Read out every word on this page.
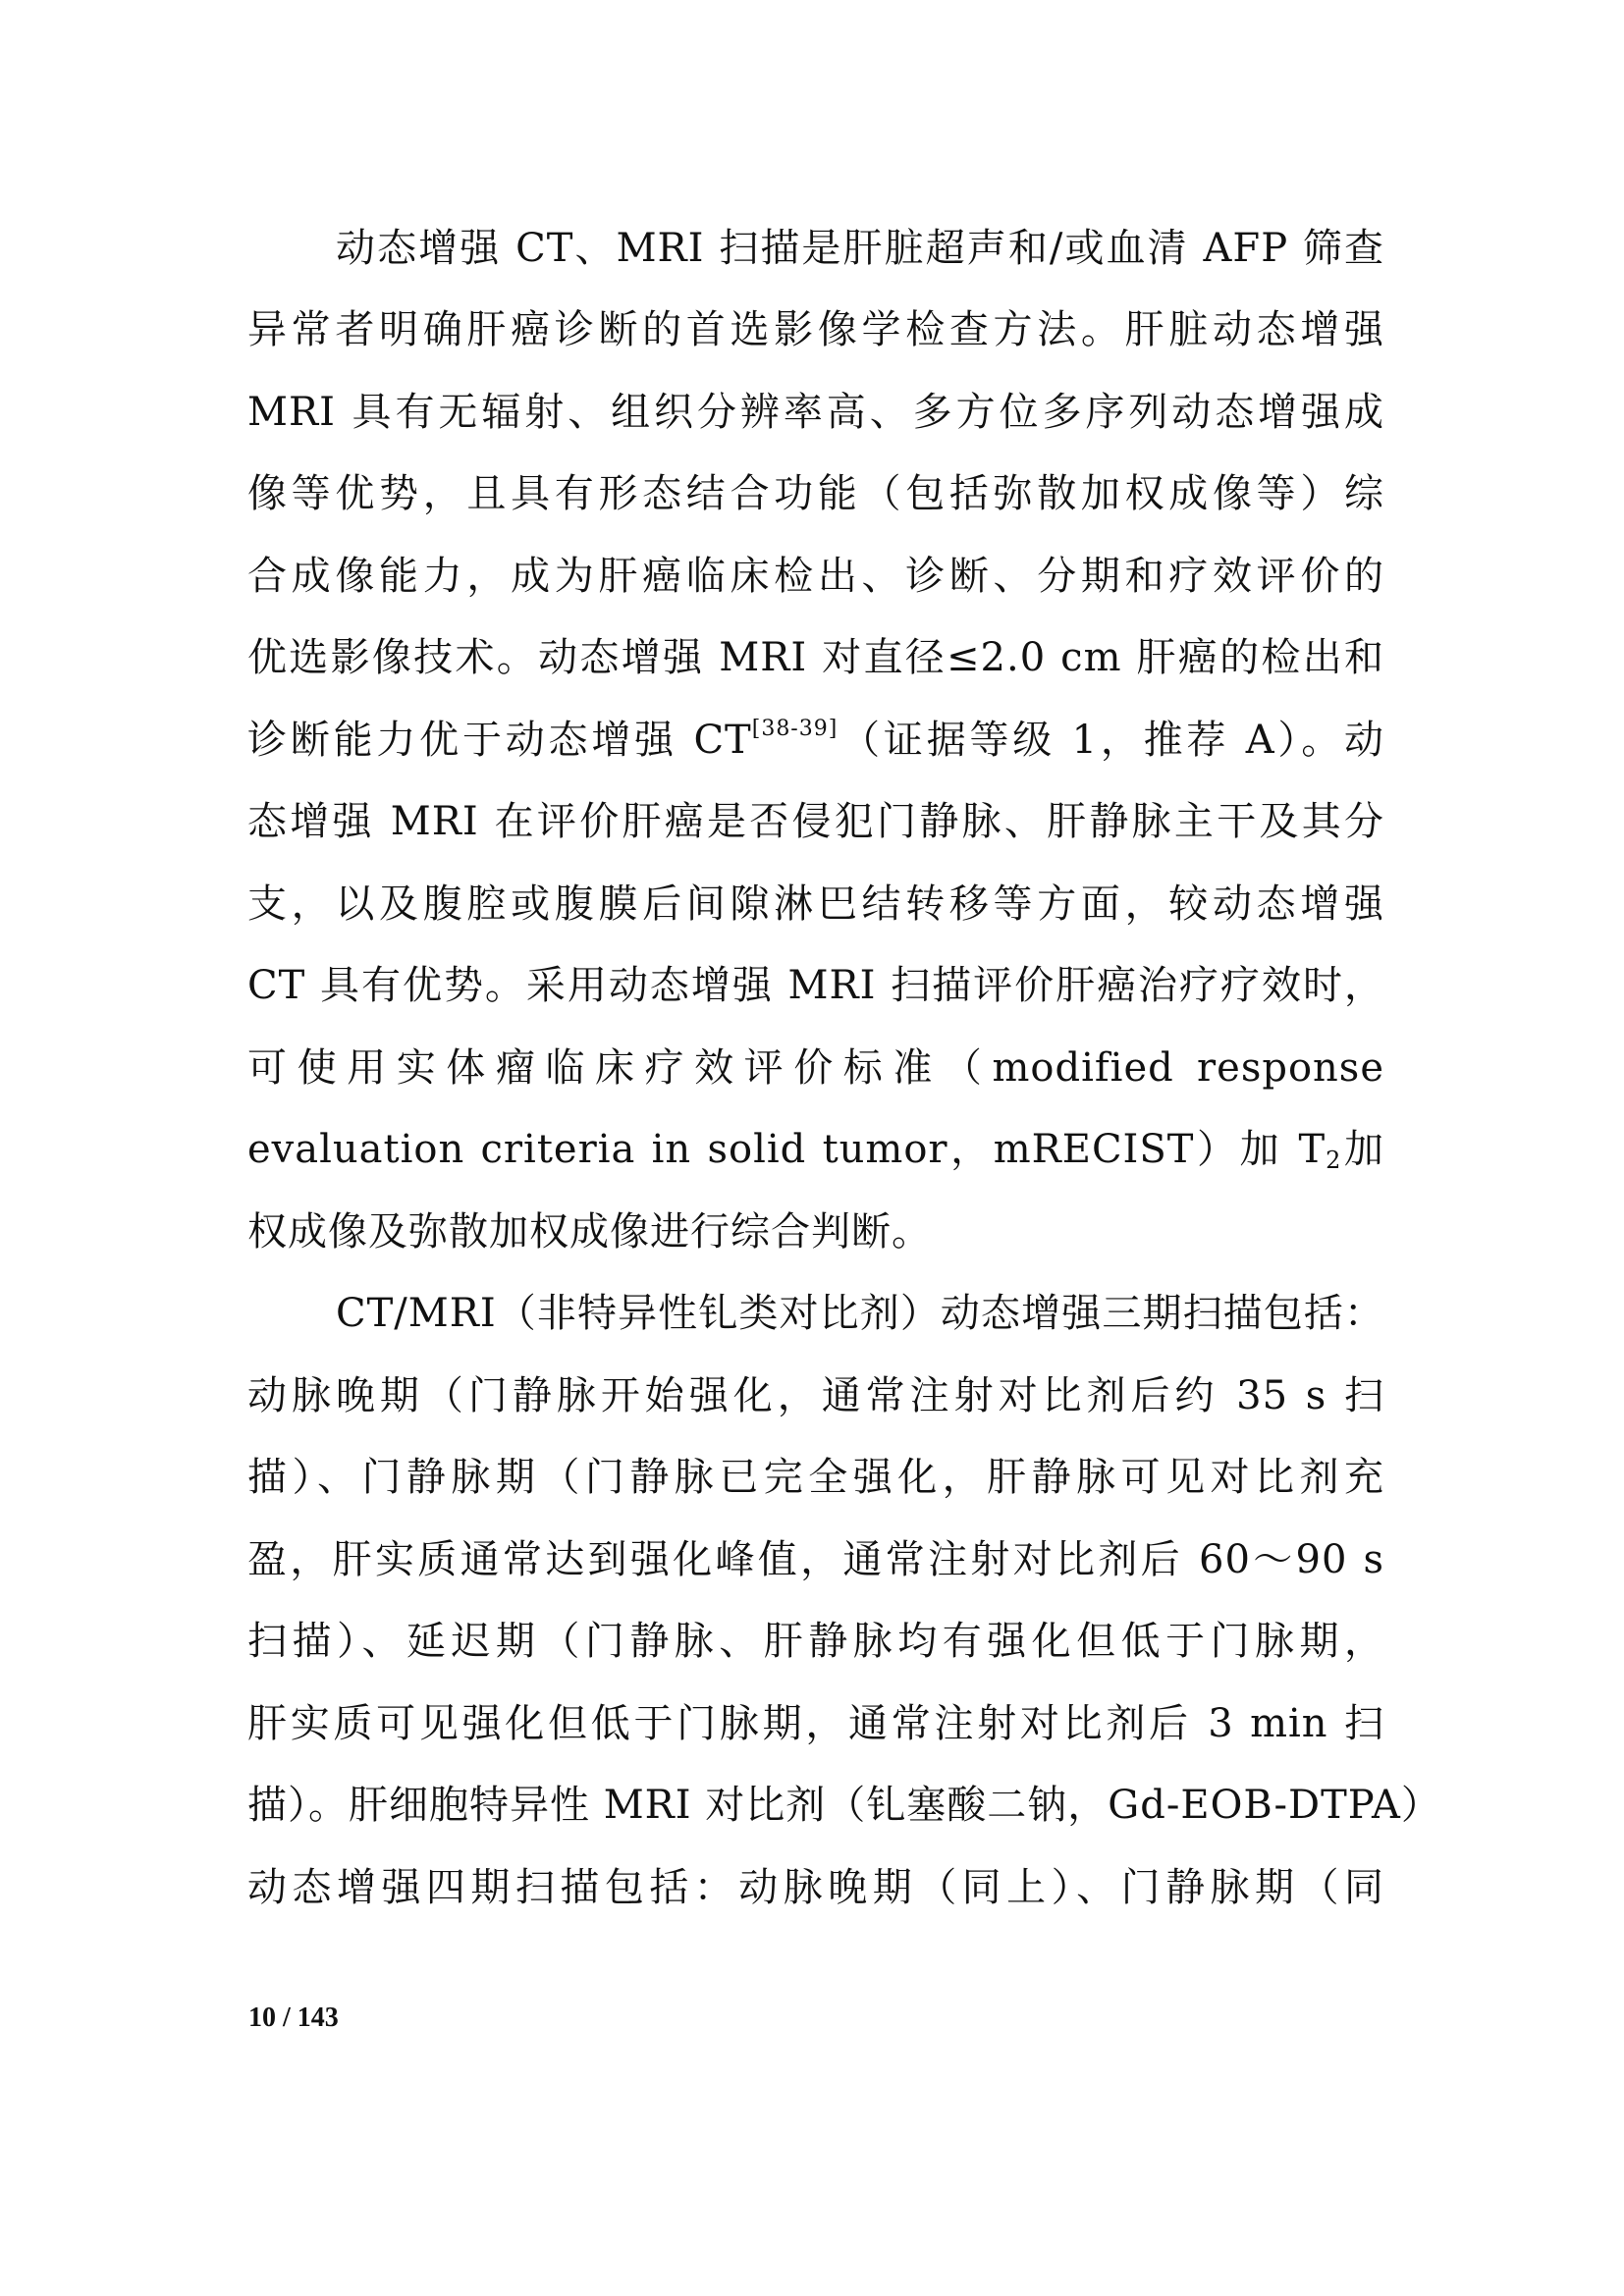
动态增强 CT、MRI 扫描是肝脏超声和/或血清 AFP 筛查
异常者明确肝癌诊断的首选影像学检查方法。肝脏动态增强
MRI 具有无辐射、组织分辨率高、多方位多序列动态增强成
像等优势，且具有形态结合功能（包括弥散加权成像等）综
合成像能力，成为肝癌临床检出、诊断、分期和疗效评价的
优选影像技术。动态增强 MRI 对直径≤2.0 cm 肝癌的检出和
诊断能力优于动态增强 CT[38-39]（证据等级 1，推荐 A）。动
态增强 MRI 在评价肝癌是否侵犯门静脉、肝静脉主干及其分
支，以及腹腔或腹膜后间隙淋巴结转移等方面，较动态增强
CT 具有优势。采用动态增强 MRI 扫描评价肝癌治疗疗效时，
可使用实体瘤临床疗效评价标准（modified response
evaluation criteria in solid tumor，mRECIST）加 $T_2$加
权成像及弥散加权成像进行综合判断。
CT/MRI（非特异性钆类对比剂）动态增强三期扫描包括：
动脉晚期（门静脉开始强化，通常注射对比剂后约 35 s 扫
描）、门静脉期（门静脉已完全强化，肝静脉可见对比剂充
盈，肝实质通常达到强化峰值，通常注射对比剂后 60～90 s
扫描）、延迟期（门静脉、肝静脉均有强化但低于门脉期，
肝实质可见强化但低于门脉期，通常注射对比剂后 3 min 扫
描）。肝细胞特异性 MRI 对比剂（钆塞酸二钠，Gd-EOB-DTPA）
动态增强四期扫描包括：动脉晚期（同上）、门静脉期（同
10 / 143
